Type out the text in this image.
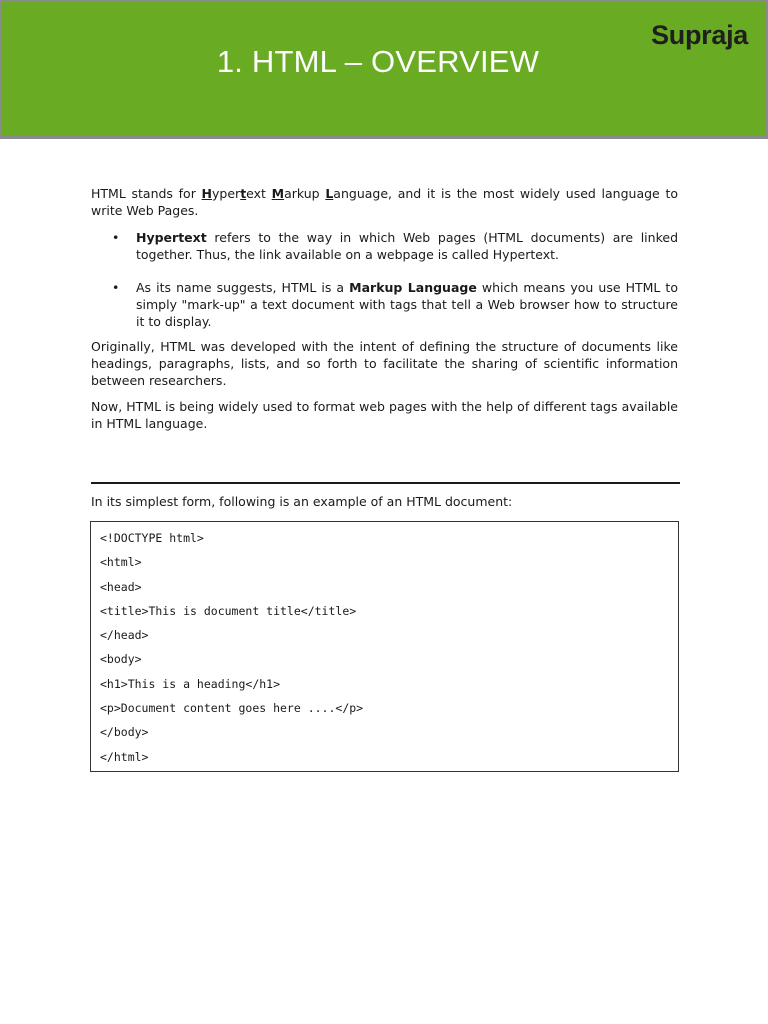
1. HTML – OVERVIEW
Supraja

HTML stands for Hypertext Markup Language, and it is the most widely used language to write Web Pages.

• Hypertext refers to the way in which Web pages (HTML documents) are linked together. Thus, the link available on a webpage is called Hypertext.
• As its name suggests, HTML is a Markup Language which means you use HTML to simply "mark-up" a text document with tags that tell a Web browser how to structure it to display.

Originally, HTML was developed with the intent of defining the structure of documents like headings, paragraphs, lists, and so forth to facilitate the sharing of scientific information between researchers.

Now, HTML is being widely used to format web pages with the help of different tags available in HTML language.

In its simplest form, following is an example of an HTML document:
<!DOCTYPE html>
<html>
<head>
<title>This is document title</title>
</head>
<body>
<h1>This is a heading</h1>
<p>Document content goes here ....</p>
</body>
</html>
